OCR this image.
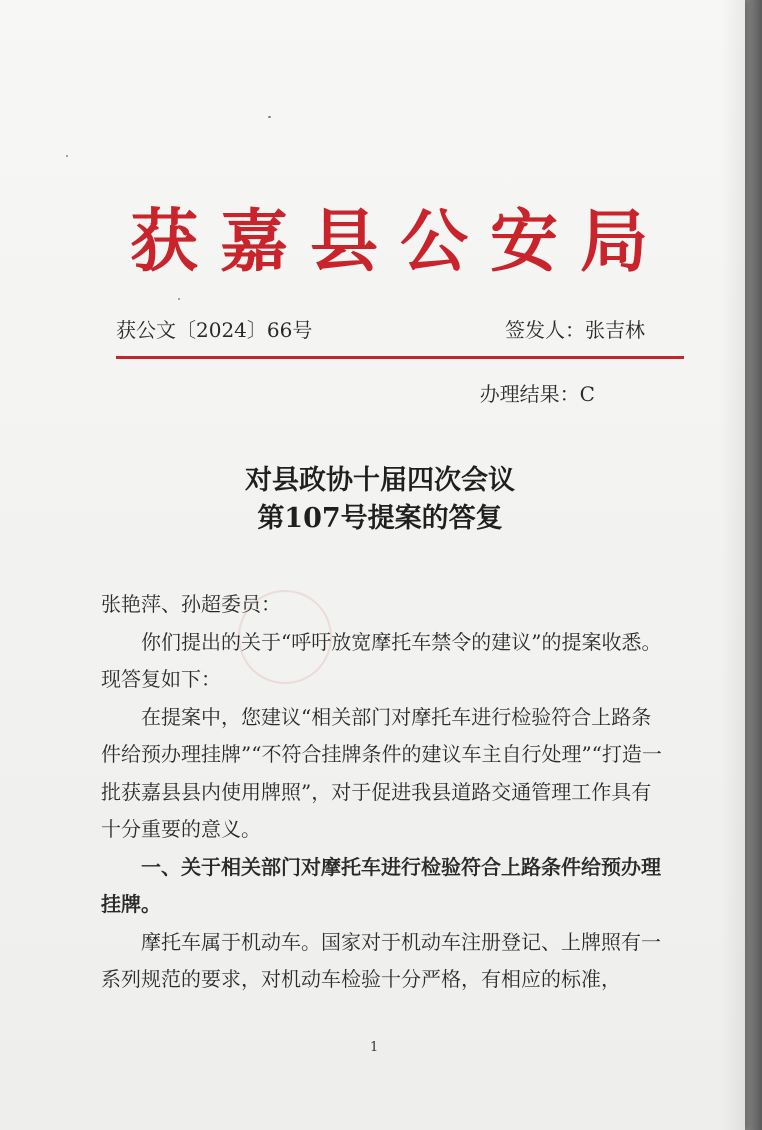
获嘉县公安局
获公文〔2024〕66号	签发人：张吉林
办理结果：C
对县政协十届四次会议
第107号提案的答复

张艳萍、孙超委员：

你们提出的关于“呼吁放宽摩托车禁令的建议”的提案收悉。现答复如下：

在提案中，您建议“相关部门对摩托车进行检验符合上路条件给预办理挂牌”“不符合挂牌条件的建议车主自行处理”“打造一批获嘉县县内使用牌照”，对于促进我县道路交通管理工作具有十分重要的意义。

一、关于相关部门对摩托车进行检验符合上路条件给预办理挂牌。

摩托车属于机动车。国家对于机动车注册登记、上牌照有一系列规范的要求，对机动车检验十分严格，有相应的标准，

1
